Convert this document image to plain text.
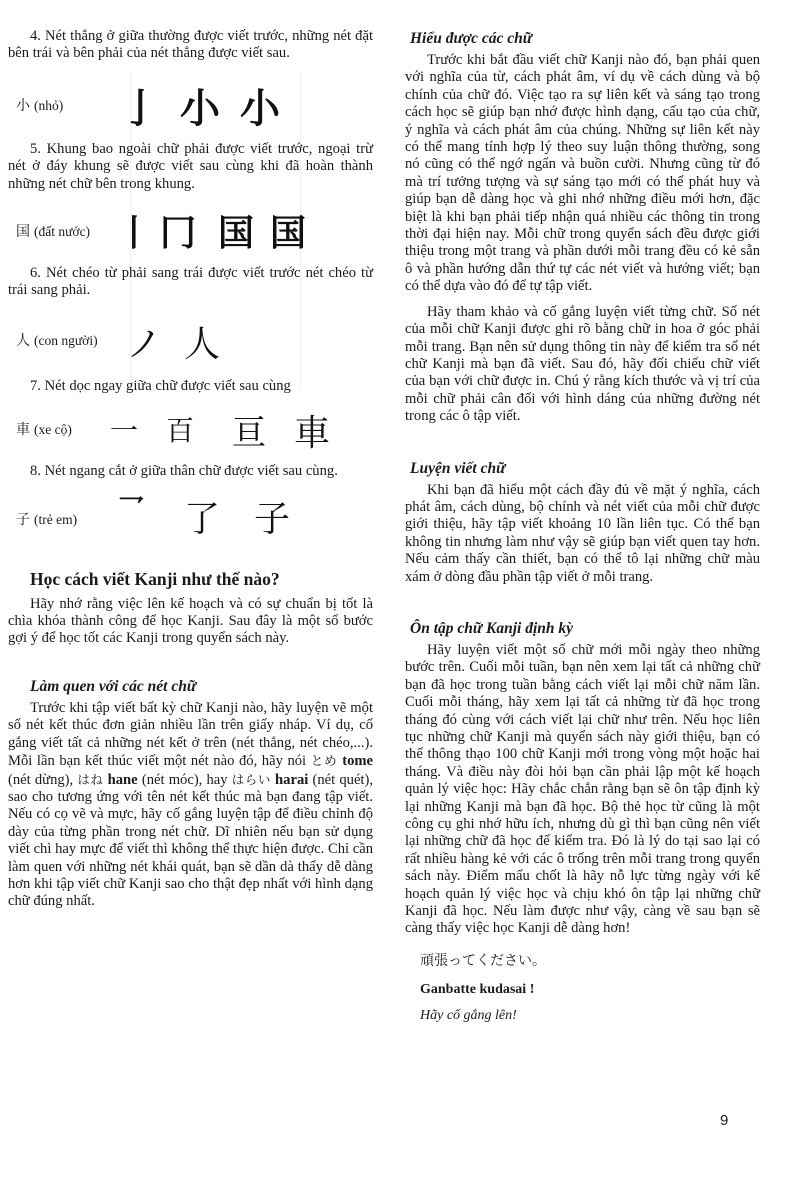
4. Nét thẳng ở giữa thường được viết trước, những nét đặt bên trái và bên phải của nét thẳng được viết sau.

小 (nhỏ) 亅 小 小

5. Khung bao ngoài chữ phải được viết trước, ngoại trừ nét ở đáy khung sẽ được viết sau cùng khi đã hoàn thành những nét chữ bên trong khung.

国 (đất nước) 丨 冂 国 国

6. Nét chéo từ phải sang trái được viết trước nét chéo từ trái sang phải.

人 (con người) ノ 人

7. Nét dọc ngay giữa chữ được viết sau cùng

車 (xe cộ) 一 百 亘 車

8. Nét ngang cắt ở giữa thân chữ được viết sau cùng.

子 (trẻ em) 乛 了 子
Học cách viết Kanji như thế nào?

Hãy nhớ rằng việc lên kế hoạch và có sự chuẩn bị tốt là chìa khóa thành công để học Kanji. Sau đây là một số bước gợi ý để học tốt các Kanji trong quyển sách này.

Làm quen với các nét chữ

Trước khi tập viết bất kỳ chữ Kanji nào, hãy luyện vẽ một số nét kết thúc đơn giản nhiều lần trên giấy nháp. Ví dụ, cố gắng viết tất cả những nét kết ở trên (nét thẳng, nét chéo,...). Mỗi lần bạn kết thúc viết một nét nào đó, hãy nói とめ tome (nét dừng), はね hane (nét móc), hay はらい harai (nét quét), sao cho tương ứng với tên nét kết thúc mà bạn đang tập viết. Nếu có cọ vẽ và mực, hãy cố gắng luyện tập để điều chỉnh độ dày của từng phần trong nét chữ. Dĩ nhiên nếu bạn sử dụng viết chì hay mực để viết thì không thể thực hiện được. Chỉ cần làm quen với những nét khái quát, bạn sẽ dần dà thấy dễ dàng hơn khi tập viết chữ Kanji sao cho thật đẹp nhất với hình dạng chữ đúng nhất.

Hiểu được các chữ

Trước khi bắt đầu viết chữ Kanji nào đó, bạn phải quen với nghĩa của từ, cách phát âm, ví dụ về cách dùng và bộ chính của chữ đó. Việc tạo ra sự liên kết và sáng tạo trong cách học sẽ giúp bạn nhớ được hình dạng, cấu tạo của chữ, ý nghĩa và cách phát âm của chúng. Những sự liên kết này có thể mang tính hợp lý theo suy luận thông thường, song nó cũng có thể ngớ ngẩn và buồn cười. Nhưng cũng từ đó mà trí tưởng tượng và sự sáng tạo mới có thể phát huy và giúp bạn dễ dàng học và ghi nhớ những điều mới hơn, đặc biệt là khi bạn phải tiếp nhận quá nhiều các thông tin trong thời đại hiện nay. Mỗi chữ trong quyển sách đều được giới thiệu trong một trang và phần dưới mỗi trang đều có kẻ sẵn ô và phần hướng dẫn thứ tự các nét viết và hướng viết; bạn có thể dựa vào đó để tự tập viết.

Hãy tham khảo và cố gắng luyện viết từng chữ. Số nét của mỗi chữ Kanji được ghi rõ bằng chữ in hoa ở góc phải mỗi trang. Bạn nên sử dụng thông tin này để kiểm tra số nét chữ Kanji mà bạn đã viết. Sau đó, hãy đối chiếu chữ viết của bạn với chữ được in. Chú ý rằng kích thước và vị trí của mỗi chữ phải cân đối với hình dáng của những đường nét trong các ô tập viết.

Luyện viết chữ

Khi bạn đã hiểu một cách đầy đủ về mặt ý nghĩa, cách phát âm, cách dùng, bộ chính và nét viết của mỗi chữ được giới thiệu, hãy tập viết khoảng 10 lần liên tục. Có thể bạn không tin nhưng làm như vậy sẽ giúp bạn viết quen tay hơn. Nếu cảm thấy cần thiết, bạn có thể tô lại những chữ màu xám ở dòng đầu phần tập viết ở mỗi trang.

Ôn tập chữ Kanji định kỳ

Hãy luyện viết một số chữ mới mỗi ngày theo những bước trên. Cuối mỗi tuần, bạn nên xem lại tất cả những chữ bạn đã học trong tuần bằng cách viết lại mỗi chữ năm lần. Cuối mỗi tháng, hãy xem lại tất cả những từ đã học trong tháng đó cùng với cách viết lại chữ như trên. Nếu học liên tục những chữ Kanji mà quyển sách này giới thiệu, bạn có thể thông thạo 100 chữ Kanji mới trong vòng một hoặc hai tháng. Và điều này đòi hỏi bạn cần phải lập một kế hoạch quản lý việc học: Hãy chắc chắn rằng bạn sẽ ôn tập định kỳ lại những Kanji mà bạn đã học. Bộ thẻ học từ cũng là một công cụ ghi nhớ hữu ích, nhưng dù gì thì bạn cũng nên viết lại những chữ đã học để kiểm tra. Đó là lý do tại sao lại có rất nhiều hàng kẻ với các ô trống trên mỗi trang trong quyển sách này. Điểm mấu chốt là hãy nỗ lực từng ngày với kế hoạch quản lý việc học và chịu khó ôn tập lại những chữ Kanji đã học. Nếu làm được như vậy, càng về sau bạn sẽ càng thấy việc học Kanji dễ dàng hơn!

頑張ってください。
Ganbatte kudasai !
Hãy cố gắng lên!
9
